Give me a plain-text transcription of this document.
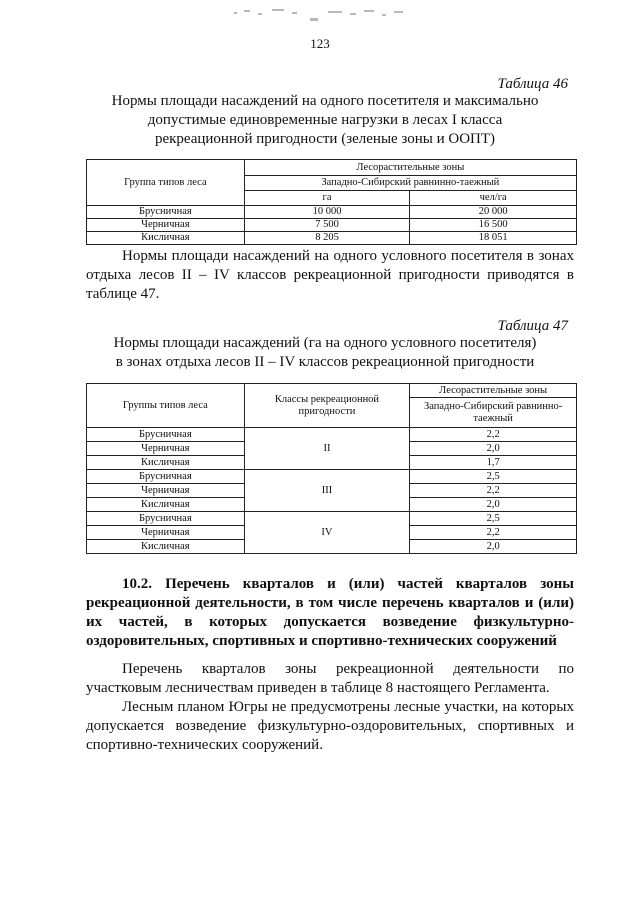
123
Таблица 46
Нормы площади насаждений на одного посетителя и максимально
допустимые единовременные нагрузки в лесах I класса
рекреационной пригодности (зеленые зоны и ООПТ)
Группа типов леса	Лесорастительные зоны	
	Западно-Сибирский равнинно-таежный	
	га	чел/га
Брусничная	10 000	20 000
Черничная	7 500	16 500
Кисличная	8 205	18 051

Нормы площади насаждений на одного условного посетителя в зонах отдыха лесов II – IV классов рекреационной пригодности приводятся в таблице 47.

Таблица 47
Нормы площади насаждений (га на одного условного посетителя)
в зонах отдыха лесов II – IV классов рекреационной пригодности
Группы типов леса	Классы рекреационной пригодности	Лесорастительные зоны
		Западно-Сибирский равнинно-таежный
Брусничная	II	2,2
Черничная		2,0
Кисличная		1,7
Брусничная	III	2,5
Черничная		2,2
Кисличная		2,0
Брусничная	IV	2,5
Черничная		2,2
Кисличная		2,0

10.2. Перечень кварталов и (или) частей кварталов зоны рекреационной деятельности, в том числе перечень кварталов и (или) их частей, в которых допускается возведение физкультурно-оздоровительных, спортивных и спортивно-технических сооружений

Перечень кварталов зоны рекреационной деятельности по участковым лесничествам приведен в таблице 8 настоящего Регламента.

Лесным планом Югры не предусмотрены лесные участки, на которых допускается возведение физкультурно-оздоровительных, спортивных и спортивно-технических сооружений.
